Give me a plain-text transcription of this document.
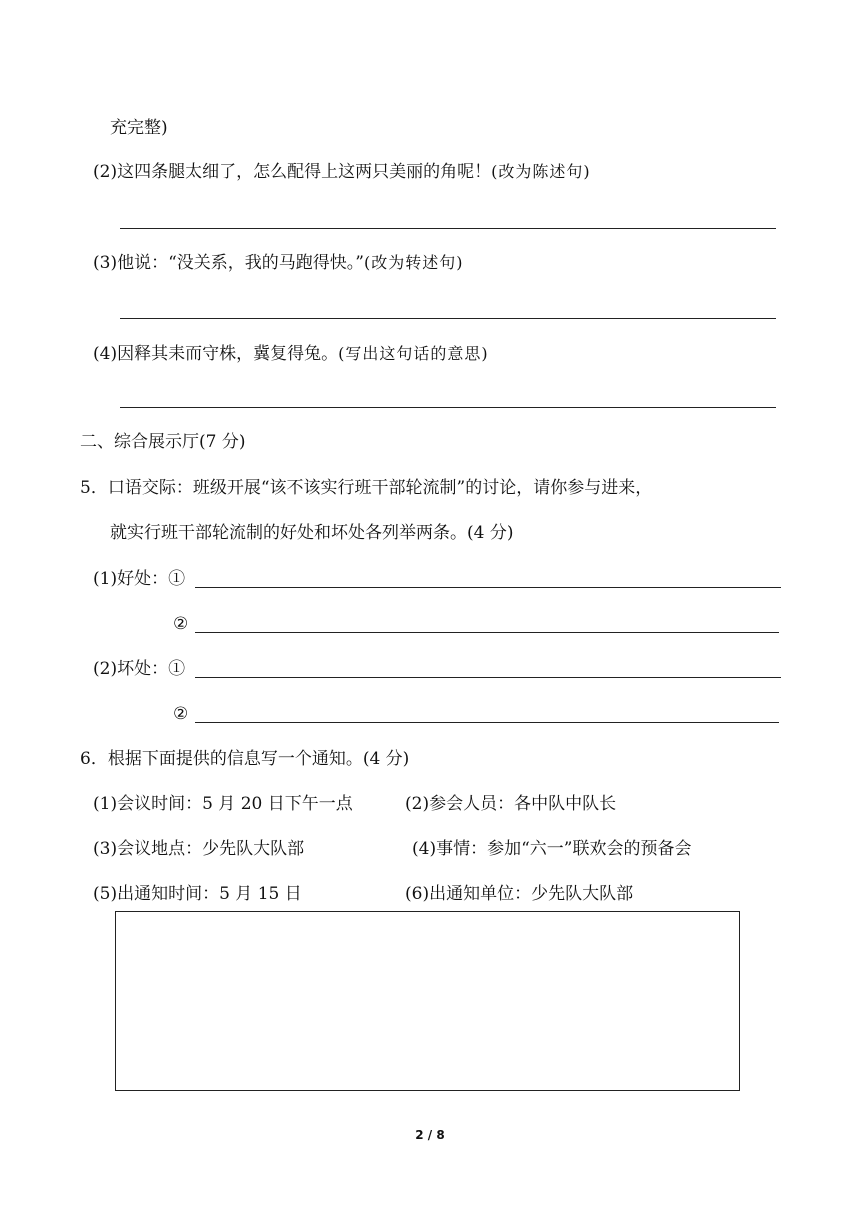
充完整)
(2)这四条腿太细了，怎么配得上这两只美丽的角呢！(改为陈述句)
(3)他说：“没关系，我的马跑得快。”(改为转述句)
(4)因释其耒而守株，冀复得兔。(写出这句话的意思)
二、综合展示厅(7 分)
5．口语交际：班级开展“该不该实行班干部轮流制”的讨论，请你参与进来，
就实行班干部轮流制的好处和坏处各列举两条。(4 分)
(1)好处：①
②
(2)坏处：①
②
6．根据下面提供的信息写一个通知。(4 分)
(1)会议时间：5 月 20 日下午一点	(2)参会人员：各中队中队长
(3)会议地点：少先队大队部	(4)事情：参加“六一”联欢会的预备会
(5)出通知时间：5 月 15 日	(6)出通知单位：少先队大队部
2 / 8
